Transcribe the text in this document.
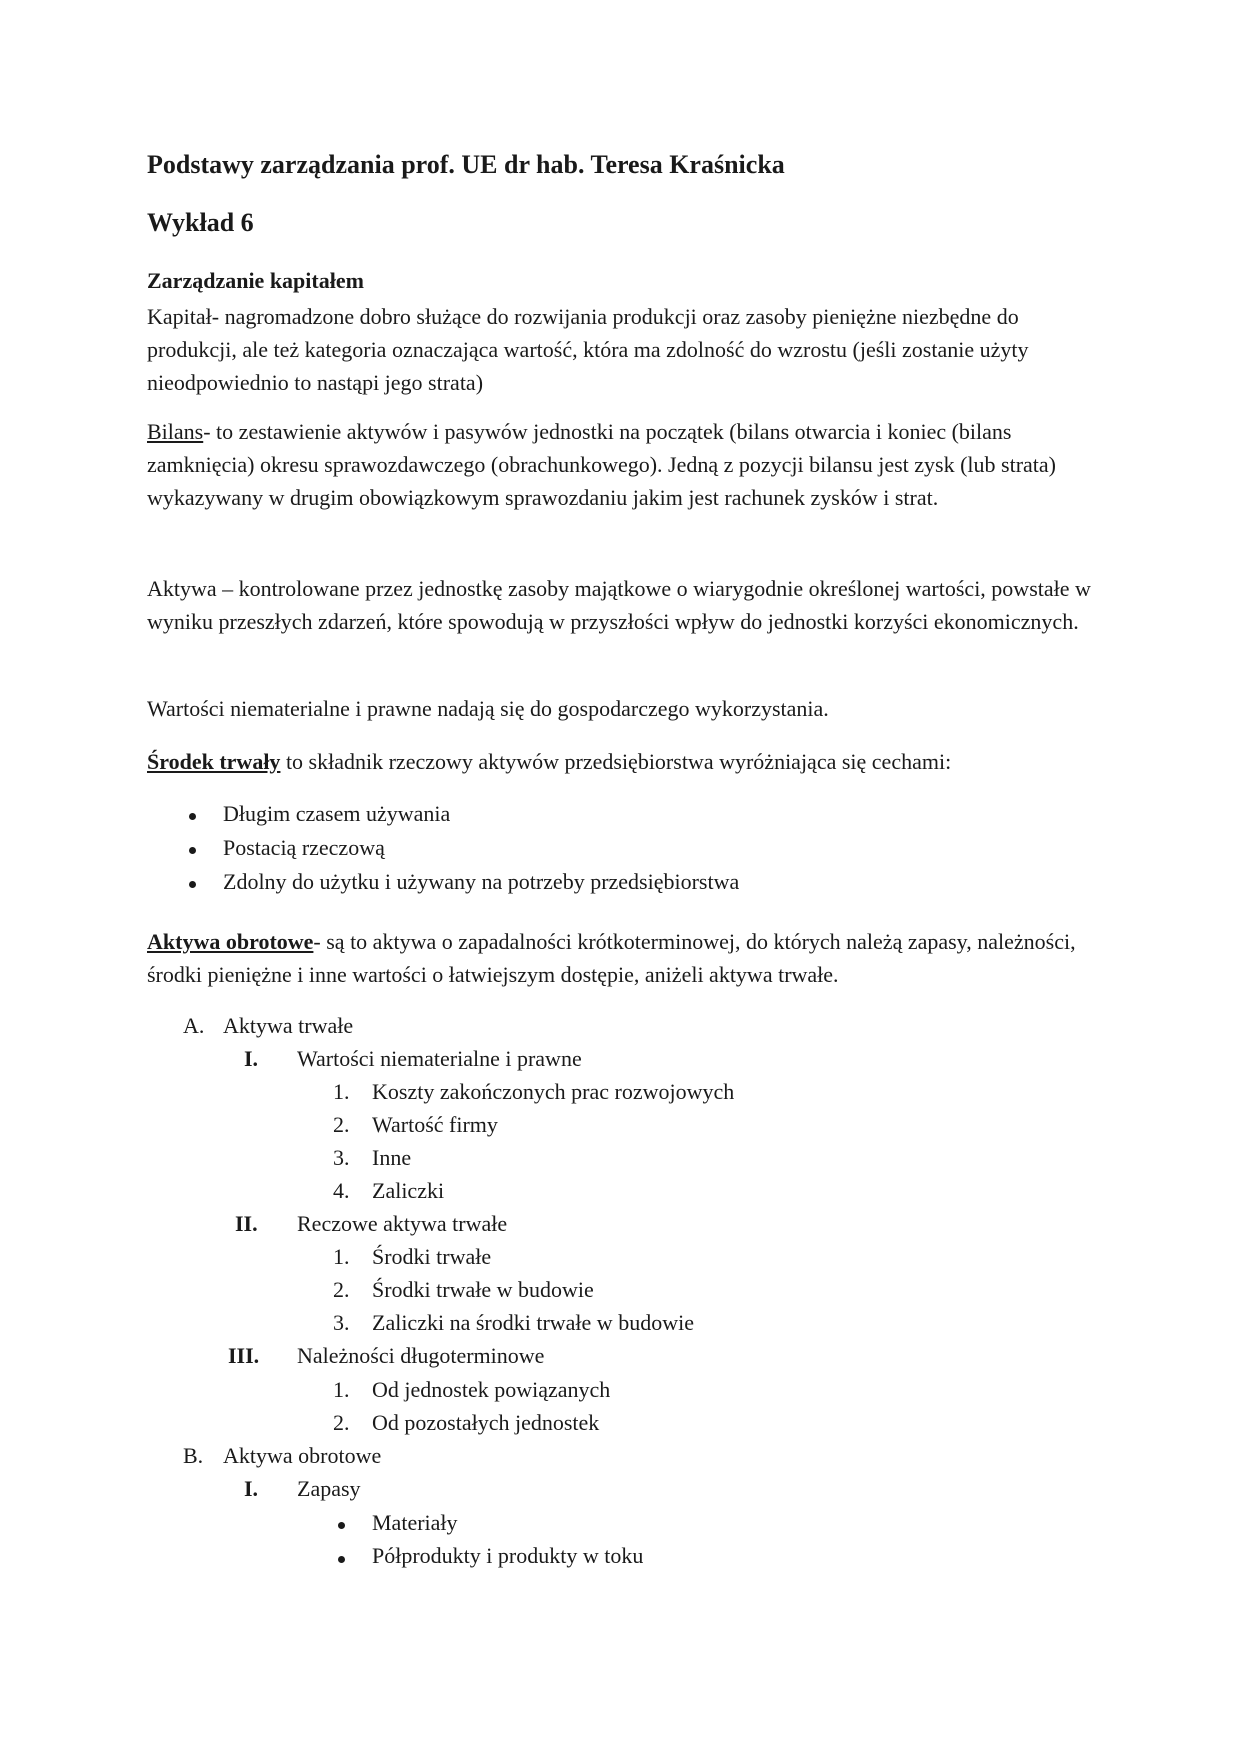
Podstawy zarządzania prof. UE dr hab. Teresa Kraśnicka
Wykład 6
Zarządzanie kapitałem
Kapitał- nagromadzone dobro służące do rozwijania produkcji oraz zasoby pieniężne niezbędne do produkcji, ale też kategoria oznaczająca wartość, która ma zdolność do wzrostu (jeśli zostanie użyty nieodpowiednio to nastąpi jego strata)
Bilans- to zestawienie aktywów i pasywów jednostki na początek (bilans otwarcia i koniec (bilans zamknięcia) okresu sprawozdawczego (obrachunkowego). Jedną z pozycji bilansu jest zysk (lub strata) wykazywany w drugim obowiązkowym sprawozdaniu jakim jest rachunek zysków i strat.
Aktywa – kontrolowane przez jednostkę zasoby majątkowe o wiarygodnie określonej wartości, powstałe w wyniku przeszłych zdarzeń, które spowodują w przyszłości wpływ do jednostki korzyści ekonomicznych.
Wartości niematerialne i prawne nadają się do gospodarczego wykorzystania.
Środek trwały to składnik rzeczowy aktywów przedsiębiorstwa wyróżniająca się cechami:
Długim czasem używania
Postacią rzeczową
Zdolny do użytku i używany na potrzeby przedsiębiorstwa
Aktywa obrotowe- są to aktywa o zapadalności krótkoterminowej, do których należą zapasy, należności, środki pieniężne i inne wartości o łatwiejszym dostępie, aniżeli aktywa trwałe.
A. Aktywa trwałe
I. Wartości niematerialne i prawne
1. Koszty zakończonych prac rozwojowych
2. Wartość firmy
3. Inne
4. Zaliczki
II. Reczowe aktywa trwałe
1. Środki trwałe
2. Środki trwałe w budowie
3. Zaliczki na środki trwałe w budowie
III. Należności długoterminowe
1. Od jednostek powiązanych
2. Od pozostałych jednostek
B. Aktywa obrotowe
I. Zapasy
Materiały
Półprodukty i produkty w toku
